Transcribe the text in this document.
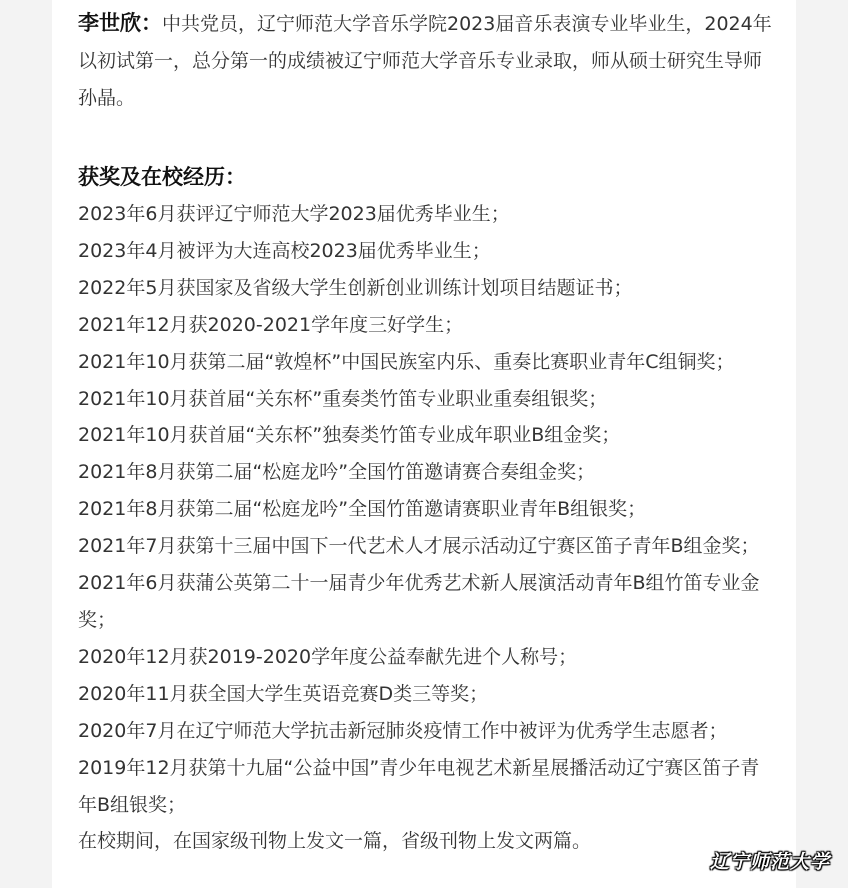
李世欣：中共党员，辽宁师范大学音乐学院2023届音乐表演专业毕业生，2024年以初试第一，总分第一的成绩被辽宁师范大学音乐专业录取，师从硕士研究生导师孙晶。
获奖及在校经历：
2023年6月获评辽宁师范大学2023届优秀毕业生；
2023年4月被评为大连高校2023届优秀毕业生；
2022年5月获国家及省级大学生创新创业训练计划项目结题证书；
2021年12月获2020-2021学年度三好学生；
2021年10月获第二届“敦煌杯”中国民族室内乐、重奏比赛职业青年C组铜奖；
2021年10月获首届“关东杯”重奏类竹笛专业职业重奏组银奖；
2021年10月获首届“关东杯”独奏类竹笛专业成年职业B组金奖；
2021年8月获第二届“松庭龙吟”全国竹笛邀请赛合奏组金奖；
2021年8月获第二届“松庭龙吟”全国竹笛邀请赛职业青年B组银奖；
2021年7月获第十三届中国下一代艺术人才展示活动辽宁赛区笛子青年B组金奖；
2021年6月获蒲公英第二十一届青少年优秀艺术新人展演活动青年B组竹笛专业金奖；
2020年12月获2019-2020学年度公益奉献先进个人称号；
2020年11月获全国大学生英语竞赛D类三等奖；
2020年7月在辽宁师范大学抗击新冠肺炎疫情工作中被评为优秀学生志愿者；
2019年12月获第十九届“公益中国”青少年电视艺术新星展播活动辽宁赛区笛子青年B组银奖；
在校期间，在国家级刊物上发文一篇，省级刊物上发文两篇。
辽宁师范大学
